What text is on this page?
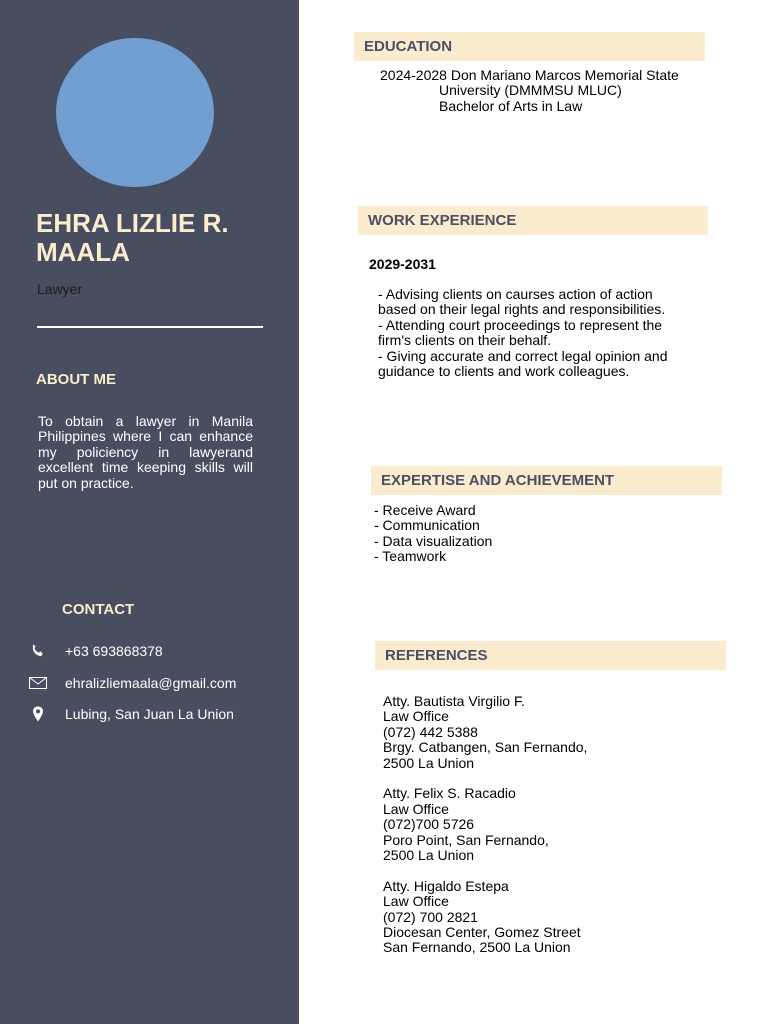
EHRA LIZLIE R. MAALA
Lawyer
ABOUT ME

To obtain a lawyer in Manila Philippines where I can enhance my policiency in lawyerand excellent time keeping skills will put on practice.

CONTACT
+63 693868378
ehralizliemaala@gmail.com
Lubing, San Juan La Union
EDUCATION
2024-2028 Don Mariano Marcos Memorial State
University (DMMMSU MLUC)
Bachelor of Arts in Law
WORK EXPERIENCE
2029-2031
- Advising clients on caurses action of action
based on their legal rights and responsibilities.
- Attending court proceedings to represent the
firm's clients on their behalf.
- Giving accurate and correct legal opinion and
guidance to clients and work colleagues.
EXPERTISE AND ACHIEVEMENT
- Receive Award
- Communication
- Data visualization
- Teamwork
REFERENCES
Atty. Bautista Virgilio F.
Law Office
(072) 442 5388
Brgy. Catbangen, San Fernando,
2500 La Union
Atty. Felix S. Racadio
Law Office
(072)700 5726
Poro Point, San Fernando,
2500 La Union
Atty. Higaldo Estepa
Law Office
(072) 700 2821
Diocesan Center, Gomez Street
San Fernando, 2500 La Union
